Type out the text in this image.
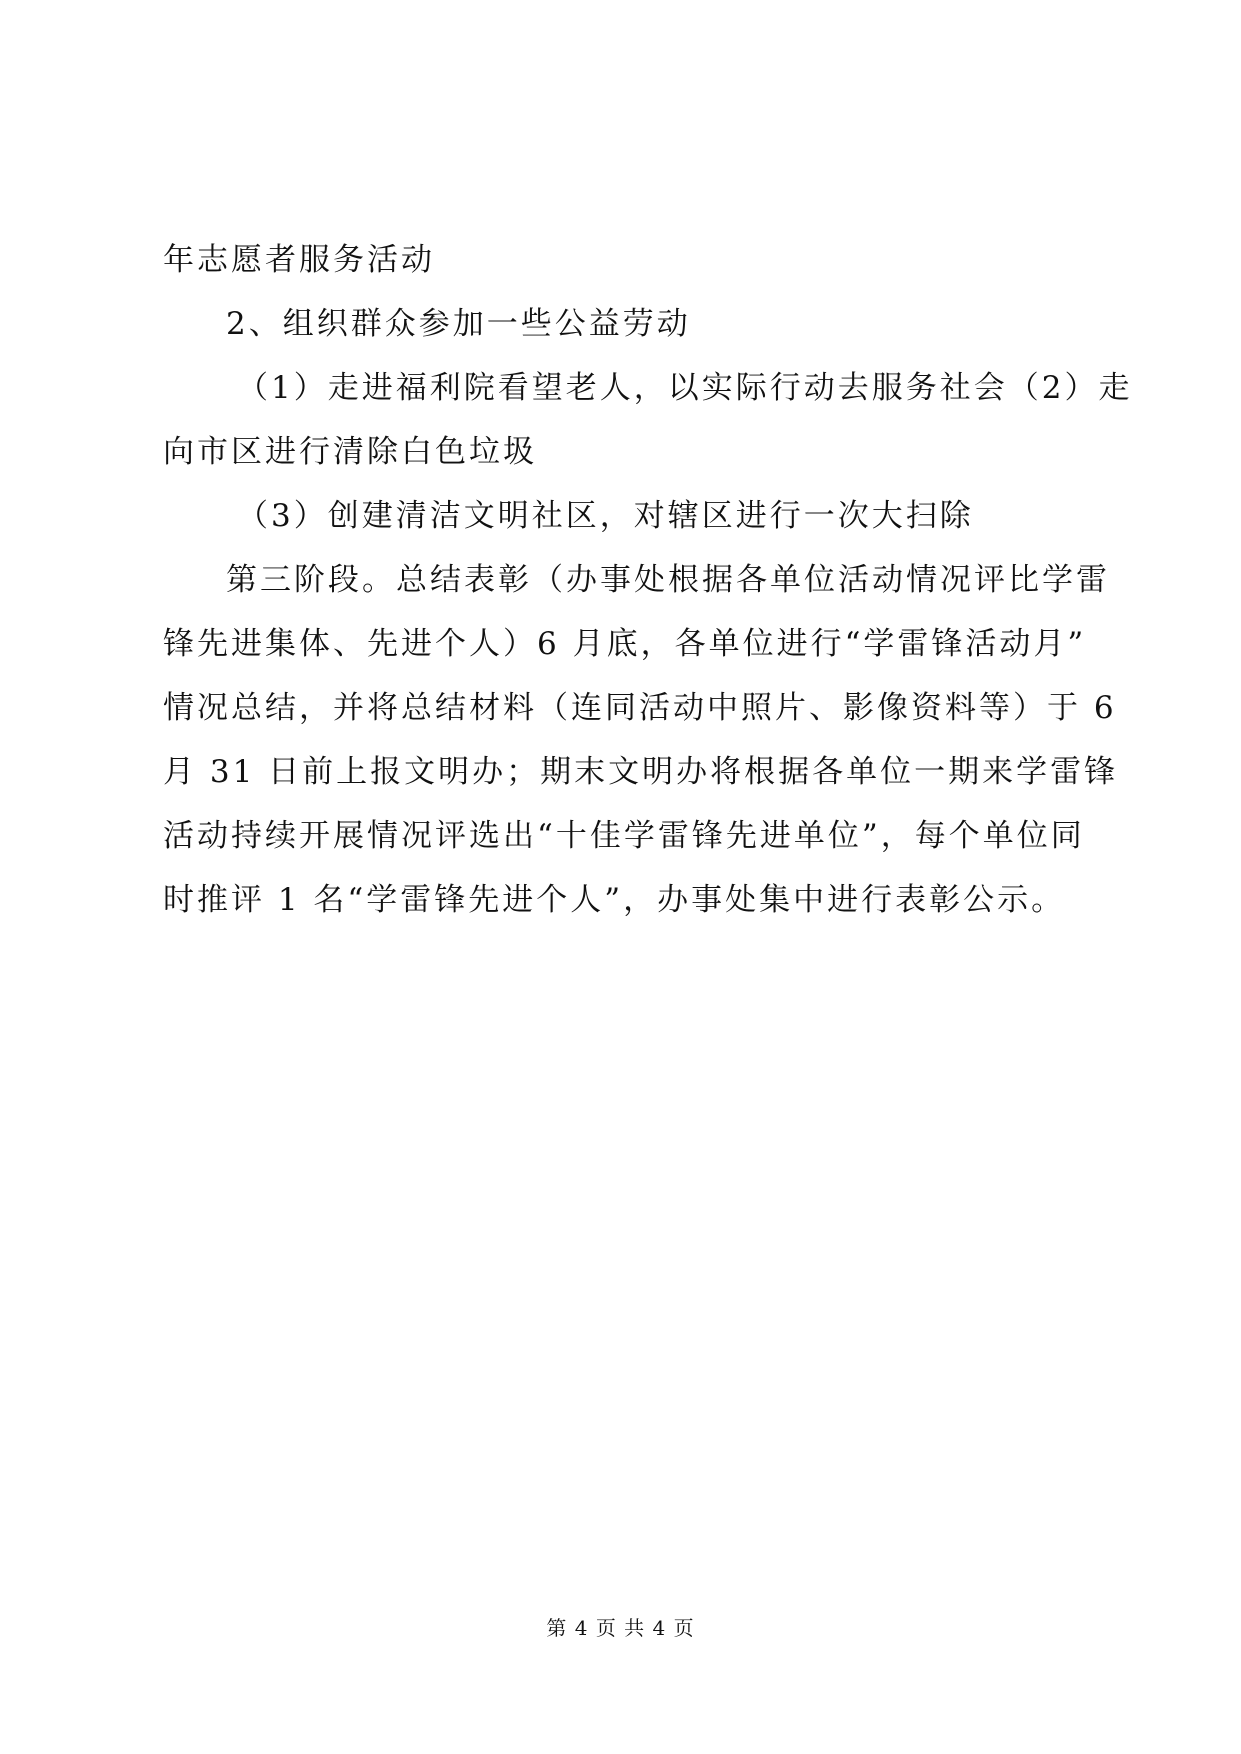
年志愿者服务活动
2、组织群众参加一些公益劳动
（1）走进福利院看望老人，以实际行动去服务社会（2）走
向市区进行清除白色垃圾
（3）创建清洁文明社区，对辖区进行一次大扫除
第三阶段。总结表彰（办事处根据各单位活动情况评比学雷
锋先进集体、先进个人）6 月底，各单位进行“学雷锋活动月”
情况总结，并将总结材料（连同活动中照片、影像资料等）于 6
月 31 日前上报文明办；期末文明办将根据各单位一期来学雷锋
活动持续开展情况评选出“十佳学雷锋先进单位”，每个单位同
时推评 1 名“学雷锋先进个人”，办事处集中进行表彰公示。
第 4 页 共 4 页
